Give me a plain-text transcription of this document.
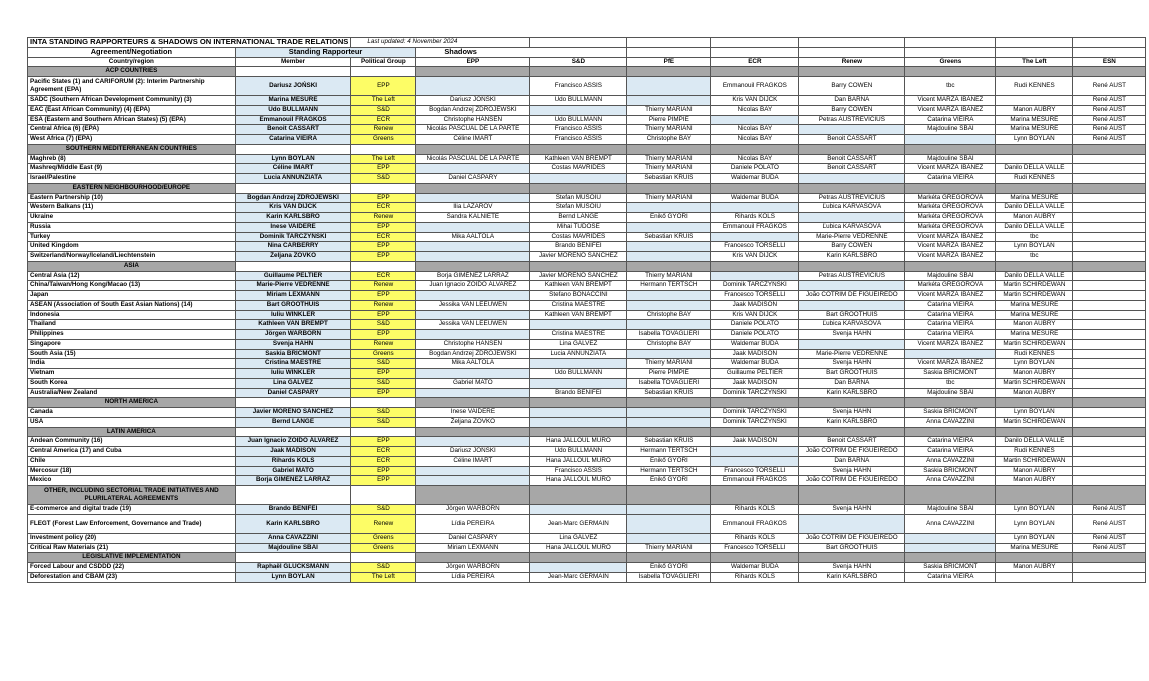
INTA STANDING RAPPORTEURS & SHADOWS ON INTERNATIONAL TRADE RELATIONS		Last updated: 4 November 2024								
Agreement/Negotiation	Standing Rapporteur		Shadows							
Country/region	Member	Political Group	EPP	S&D	PfE	ECR	Renew	Greens	The Left	ESN
ACP COUNTRIES										
Pacific States (1) and CARIFORUM (2): Interim Partnership Agreement (EPA)	Dariusz JOŃSKI	EPP		Francisco ASSIS		Emmanouil FRAGKOS	Barry COWEN	tbc	Rudi KENNES	René AUST
SADC (Southern African Development Community) (3)	Marina MESURE	The Left	Dariusz JOŃSKI	Udo BULLMANN		Kris VAN DIJCK	Dan BARNA	Vicent MARZÀ IBÁÑEZ		René AUST
EAC (East African Community) (4) (EPA)	Udo BULLMANN	S&D	Bogdan Andrzej ZDROJEWSKI		Thierry MARIANI	Nicolas BAY	Barry COWEN	Vicent MARZÀ IBÁÑEZ	Manon AUBRY	René AUST
ESA (Eastern and Southern African States) (5) (EPA)	Emmanouil FRAGKOS	ECR	Christophe HANSEN	Udo BULLMANN	Pierre PIMPIE		Petras AUŠTREVIČIUS	Catarina VIEIRA	Marina MESURE	René AUST
Central Africa (6) (EPA)	Benoit CASSART	Renew	Nicolás PASCUAL DE LA PARTE	Francisco ASSIS	Thierry MARIANI	Nicolas BAY		Majdouline SBAI	Marina MESURE	René AUST
West Africa (7) (EPA)	Catarina VIEIRA	Greens	Céline IMART	Francisco ASSIS	Christophe BAY	Nicolas BAY	Benoit CASSART		Lynn BOYLAN	René AUST
SOUTHERN MEDITERRANEAN COUNTRIES										
Maghreb (8)	Lynn BOYLAN	The Left	Nicolás PASCUAL DE LA PARTE	Kathleen VAN BREMPT	Thierry MARIANI	Nicolas BAY	Benoit CASSART	Majdouline SBAI		
Mashreq/Middle East (9)	Céline IMART	EPP		Costas MAVRIDES	Thierry MARIANI	Daniele POLATO	Benoit CASSART	Vicent MARZÀ IBÁÑEZ	Danilo DELLA VALLE	
Israel/Palestine	Lucia ANNUNZIATA	S&D	Daniel CASPARY		Sebastian KRUIS	Waldemar BUDA		Catarina VIEIRA	Rudi KENNES	
EASTERN NEIGHBOURHOOD/EUROPE										
Eastern Partnership (10)	Bogdan Andrzej ZDROJEWSKI	EPP		Stefan MUSOIU	Thierry MARIANI	Waldemar BUDA	Petras AUŠTREVIČIUS	Markéta GREGOROVÁ	Marina MESURE	
Western Balkans (11)	Kris VAN DIJCK	ECR	Ilia LAZAROV	Stefan MUSOIU			Ľubica KARVAŠOVÁ	Markéta GREGOROVÁ	Danilo DELLA VALLE	
Ukraine	Karin KARLSBRO	Renew	Sandra KALNIETE	Bernd LANGE	Enikő GYŐRI	Rihards KOLS		Markéta GREGOROVÁ	Manon AUBRY	
Russia	Inese VAIDERE	EPP		Mihai TUDOSE		Emmanouil FRAGKOS	Ľubica KARVAŠOVÁ	Markéta GREGOROVÁ	Danilo DELLA VALLE	
Turkey	Dominik TARCZYŃSKI	ECR	Mika AALTOLA	Costas MAVRIDES	Sebastian KRUIS		Marie-Pierre VEDRENNE	Vicent MARZÀ IBÁÑEZ	tbc	
United Kingdom	Nina CARBERRY	EPP		Brando BENIFEI		Francesco TORSELLI	Barry COWEN	Vicent MARZÀ IBÁÑEZ	Lynn BOYLAN	
Switzerland/Norway/Iceland/Liechtenstein	Željana ZOVKO	EPP		Javier MORENO SÁNCHEZ		Kris VAN DIJCK	Karin KARLSBRO	Vicent MARZÀ IBÁÑEZ	tbc	
ASIA										
Central Asia (12)	Guillaume PELTIER	ECR	Borja GIMÉNEZ LARRAZ	Javier MORENO SÁNCHEZ	Thierry MARIANI		Petras AUŠTREVIČIUS	Majdouline SBAI	Danilo DELLA VALLE	
China/Taiwan/Hong Kong/Macao (13)	Marie-Pierre VEDRENNE	Renew	Juan Ignacio ZOIDO ÁLVAREZ	Kathleen VAN BREMPT	Hermann TERTSCH	Dominik TARCZYŃSKI		Markéta GREGOROVÁ	Martin SCHIRDEWAN	
Japan	Miriam LEXMANN	EPP		Stefano BONACCINI		Francesco TORSELLI	João COTRIM DE FIGUEIREDO	Vicent MARZÀ IBÁÑEZ	Martin SCHIRDEWAN	
ASEAN (Association of South East Asian Nations) (14)	Bart GROOTHUIS	Renew	Jessika VAN LEEUWEN	Cristina MAESTRE		Jaak MADISON		Catarina VIEIRA	Marina MESURE	
Indonesia	Iuliu WINKLER	EPP		Kathleen VAN BREMPT	Christophe BAY	Kris VAN DIJCK	Bart GROOTHUIS	Catarina VIEIRA	Marina MESURE	
Thailand	Kathleen VAN BREMPT	S&D	Jessika VAN LEEUWEN			Daniele POLATO	Ľubica KARVAŠOVÁ	Catarina VIEIRA	Manon AUBRY	
Philippines	Jörgen WARBORN	EPP		Cristina MAESTRE	Isabella TOVAGLIERI	Daniele POLATO	Svenja HAHN	Catarina VIEIRA	Marina MESURE	
Singapore	Svenja HAHN	Renew	Christophe HANSEN	Lina GÁLVEZ	Christophe BAY	Waldemar BUDA		Vicent MARZÀ IBÁÑEZ	Martin SCHIRDEWAN	
South Asia (15)	Saskia BRICMONT	Greens	Bogdan Andrzej ZDROJEWSKI	Lucia ANNUNZIATA		Jaak MADISON	Marie-Pierre VEDRENNE		Rudi KENNES	
India	Cristina MAESTRE	S&D	Mika AALTOLA		Thierry MARIANI	Waldemar BUDA	Svenja HAHN	Vicent MARZÀ IBÁÑEZ	Lynn BOYLAN	
Vietnam	Iuliu WINKLER	EPP		Udo BULLMANN	Pierre PIMPIE	Guillaume PELTIER	Bart GROOTHUIS	Saskia BRICMONT	Manon AUBRY	
South Korea	Lina GÁLVEZ	S&D	Gabriel MATO		Isabella TOVAGLIERI	Jaak MADISON	Dan BARNA	tbc	Martin SCHIRDEWAN	
Australia/New Zealand	Daniel CASPARY	EPP		Brando BENIFEI	Sebastian KRUIS	Dominik TARCZYŃSKI	Karin KARLSBRO	Majdouline SBAI	Manon AUBRY	
NORTH AMERICA										
Canada	Javier MORENO SÁNCHEZ	S&D	Inese VAIDERE			Dominik TARCZYŃSKI	Svenja HAHN	Saskia BRICMONT	Lynn BOYLAN	
USA	Bernd LANGE	S&D	Željana ZOVKO			Dominik TARCZYŃSKI	Karin KARLSBRO	Anna CAVAZZINI	Martin SCHIRDEWAN	
LATIN AMERICA										
Andean Community (16)	Juan Ignacio ZOIDO ÁLVAREZ	EPP		Hana JALLOUL MURO	Sebastian KRUIS	Jaak MADISON	Benoit CASSART	Catarina VIEIRA	Danilo DELLA VALLE	
Central America (17) and Cuba	Jaak MADISON	ECR	Dariusz JOŃSKI	Udo BULLMANN	Hermann TERTSCH		João COTRIM DE FIGUEIREDO	Catarina VIEIRA	Rudi KENNES	
Chile	Rihards KOLS	ECR	Céline IMART	Hana JALLOUL MURO	Enikő GYŐRI		Dan BARNA	Anna CAVAZZINI	Martin SCHIRDEWAN	
Mercosur (18)	Gabriel MATO	EPP		Francisco ASSIS	Hermann TERTSCH	Francesco TORSELLI	Svenja HAHN	Saskia BRICMONT	Manon AUBRY	
Mexico	Borja GIMÉNEZ LARRAZ	EPP		Hana JALLOUL MURO	Enikő GYŐRI	Emmanouil FRAGKOS	João COTRIM DE FIGUEIREDO	Anna CAVAZZINI	Manon AUBRY	
OTHER, INCLUDING SECTORIAL TRADE INITIATIVES AND PLURILATERAL AGREEMENTS										
E-commerce and digital trade (19)	Brando BENIFEI	S&D	Jörgen WARBORN			Rihards KOLS	Svenja HAHN	Majdouline SBAI	Lynn BOYLAN	René AUST
FLEGT (Forest Law Enforcement, Governance and Trade)	Karin KARLSBRO	Renew	Lídia PEREIRA	Jean-Marc GERMAIN		Emmanouil FRAGKOS		Anna CAVAZZINI	Lynn BOYLAN	René AUST
Investment policy (20)	Anna CAVAZZINI	Greens	Daniel CASPARY	Lina GÁLVEZ		Rihards KOLS	João COTRIM DE FIGUEIREDO		Lynn BOYLAN	René AUST
Critical Raw Materials (21)	Majdouline SBAI	Greens	Miriam LEXMANN	Hana JALLOUL MURO	Thierry MARIANI	Francesco TORSELLI	Bart GROOTHUIS		Marina MESURE	René AUST
LEGISLATIVE IMPLEMENTATION										
Forced Labour and CSDDD (22)	Raphaël GLUCKSMANN	S&D	Jörgen WARBORN		Enikő GYŐRI	Waldemar BUDA	Svenja HAHN	Saskia BRICMONT	Manon AUBRY	
Deforestation and CBAM (23)	Lynn BOYLAN	The Left	Lídia PEREIRA	Jean-Marc GERMAIN	Isabella TOVAGLIERI	Rihards KOLS	Karin KARLSBRO	Catarina VIEIRA		
